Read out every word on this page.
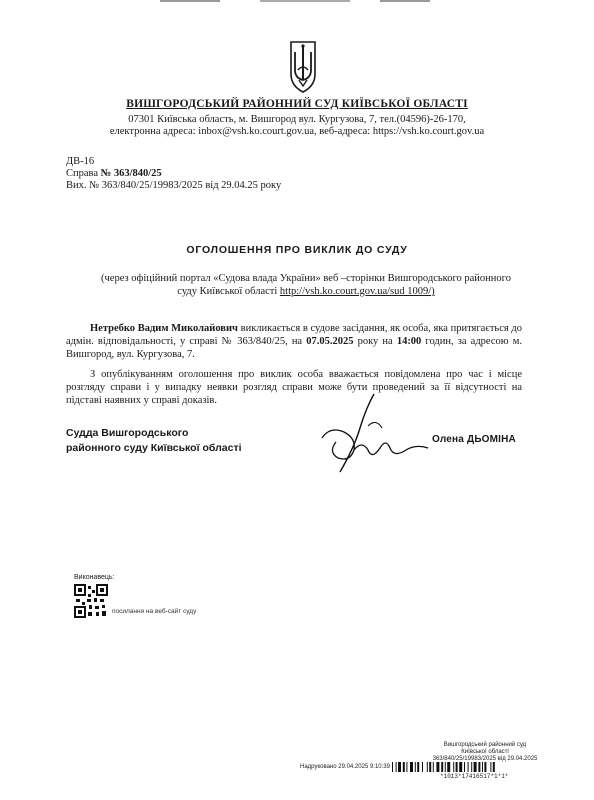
ВИШГОРОДСЬКИЙ РАЙОННИЙ СУД КИЇВСЬКОЇ ОБЛАСТІ
07301 Київська область, м. Вишгород вул. Кургузова, 7, тел.(04596)-26-170,
електронна адреса: inbox@vsh.ko.court.gov.ua, веб-адреса: https://vsh.ko.court.gov.ua
ДВ-16
Справа № 363/840/25
Вих. № 363/840/25/19983/2025 від 29.04.25 року
ОГОЛОШЕННЯ ПРО ВИКЛИК ДО СУДУ
(через офіційний портал «Судова влада України» веб –сторінки Вишгородського районного
суду Київської області http://vsh.ko.court.gov.ua/sud 1009/)
Нетребко Вадим Миколайович викликається в судове засідання, як особа, яка притягається до адмін. відповідальності, у справі № 363/840/25, на 07.05.2025 року на 14:00 годин, за адресою м. Вишгород, вул. Кургузова, 7.
З опублікуванням оголошення про виклик особа вважається повідомлена про час і місце розгляду справи і у випадку неявки розгляд справи може бути проведений за її відсутності на підставі наявних у справі доказів.
Судда Вишгородського
районного суду Київської області
Олена ДЬОМІНА
Виконавець:
посилання на веб-сайт суду
Вишгородський районний суд
Київської області
363/840/25/19983/2025 від 29.04.2025
Надруковано 29.04.2025 9:10:39
*1013*17416517*1*1*
